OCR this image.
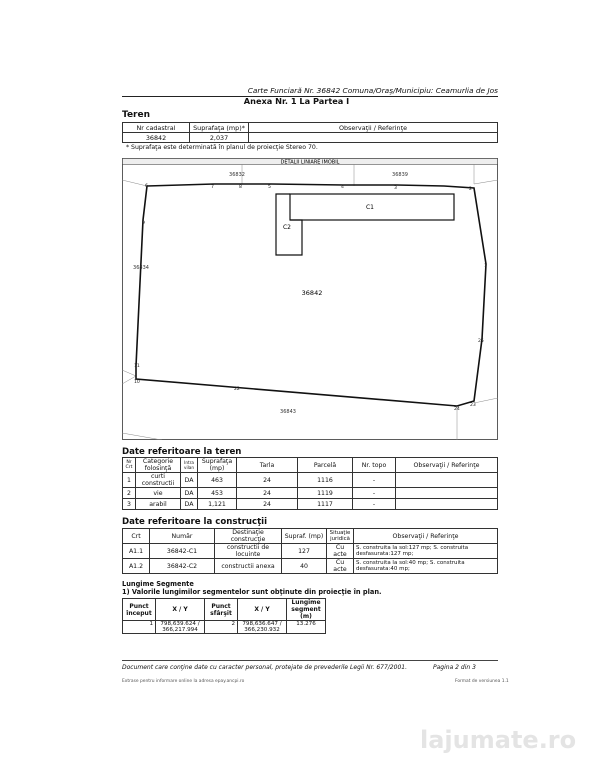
Carte Funciară Nr. 36842 Comuna/Oraş/Municipiu: Ceamurlia de Jos
Anexa Nr. 1 La Partea I
Teren
Nr cadastral	Suprafaţa (mp)*	Observaţii / Referinţe
36842	2,037	
* Suprafaţa este determinată în planul de proiecţie Stereo 70.
DETALII LINIARE IMOBIL
C1
C2
36842
36832	36839
36834
36843
6	7	8	5	4	3	2
1
25
23
24
22
10
11
9
Date referitoare la teren
Nr Crt	Categorie folosinţă	Intra vilan	Suprafaţa (mp)	Tarla	Parcelă	Nr. topo	Observaţii / Referinţe
1	curti constructii	DA	463	24	1116	-	
2	vie	DA	453	24	1119	-	
3	arabil	DA	1,121	24	1117	-	
Date referitoare la construcţii
Crt	Număr	Destinaţie construcţie	Supraf. (mp)	Situaţie juridică	Observaţii / Referinţe
A1.1	36842-C1	constructii de locuinte	127	Cu acte	S. construita la sol:127 mp; S. construita desfasurata:127 mp;
A1.2	36842-C2	constructii anexa	40	Cu acte	S. construita la sol:40 mp; S. construita desfasurata:40 mp;
Lungime Segmente
1) Valorile lungimilor segmentelor sunt obţinute din proiecţie în plan.
Punct început	X / Y	Punct sfârşit	X / Y	Lungime segment (m)
1	798,639.624 / 366,217.994	2	798,636.647 / 366,230.932	13.276
Document care conţine date cu caracter personal, protejate de prevederile Legii Nr. 677/2001.	Pagina 2 din 3
Extrase pentru informare online la adresa epay.ancpi.ro	Format de versiunea 1.1
lajumate.ro
